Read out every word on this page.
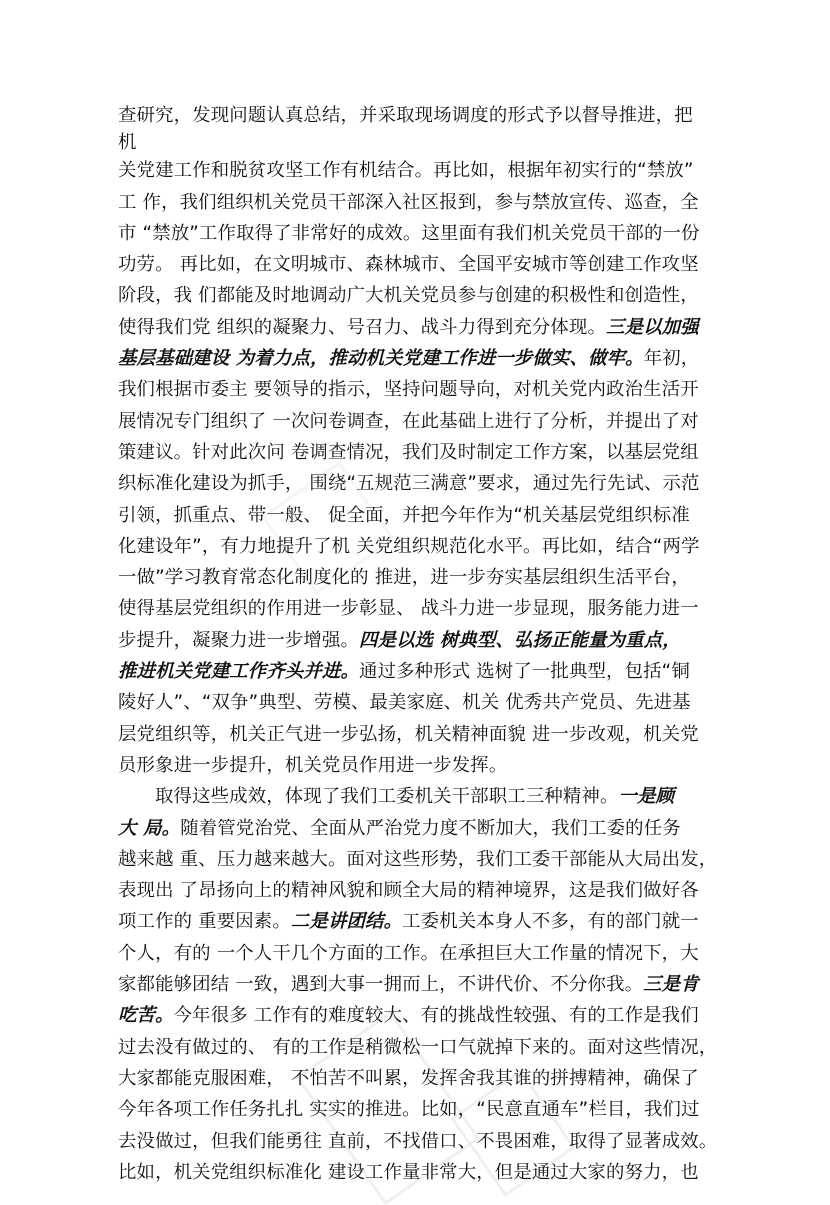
查研究，发现问题认真总结，并采取现场调度的形式予以督导推进，把
机
关党建工作和脱贫攻坚工作有机结合。再比如，根据年初实行的“禁放”
工 作，我们组织机关党员干部深入社区报到，参与禁放宣传、巡查，全
市 “禁放”工作取得了非常好的成效。这里面有我们机关党员干部的一份
功劳。 再比如，在文明城市、森林城市、全国平安城市等创建工作攻坚
阶段，我 们都能及时地调动广大机关党员参与创建的积极性和创造性，
使得我们党 组织的凝聚力、号召力、战斗力得到充分体现。三是以加强
基层基础建设 为着力点，推动机关党建工作进一步做实、做牢。年初，
我们根据市委主 要领导的指示，坚持问题导向，对机关党内政治生活开
展情况专门组织了 一次问卷调查，在此基础上进行了分析，并提出了对
策建议。针对此次问 卷调查情况，我们及时制定工作方案，以基层党组
织标准化建设为抓手， 围绕“五规范三满意”要求，通过先行先试、示范
引领，抓重点、带一般、 促全面，并把今年作为“机关基层党组织标准
化建设年”，有力地提升了机 关党组织规范化水平。再比如，结合“两学
一做”学习教育常态化制度化的 推进，进一步夯实基层组织生活平台，
使得基层党组织的作用进一步彰显、 战斗力进一步显现，服务能力进一
步提升，凝聚力进一步增强。四是以选 树典型、弘扬正能量为重点，
推进机关党建工作齐头并进。通过多种形式 选树了一批典型，包括“铜
陵好人”、“双争”典型、劳模、最美家庭、机关 优秀共产党员、先进基
层党组织等，机关正气进一步弘扬，机关精神面貌 进一步改观，机关党
员形象进一步提升，机关党员作用进一步发挥。
取得这些成效，体现了我们工委机关干部职工三种精神。一是顾
大 局。随着管党治党、全面从严治党力度不断加大，我们工委的任务
越来越 重、压力越来越大。面对这些形势，我们工委干部能从大局出发，
表现出 了昂扬向上的精神风貌和顾全大局的精神境界，这是我们做好各
项工作的 重要因素。二是讲团结。工委机关本身人不多，有的部门就一
个人，有的 一个人干几个方面的工作。在承担巨大工作量的情况下，大
家都能够团结 一致，遇到大事一拥而上，不讲代价、不分你我。三是肯
吃苦。今年很多 工作有的难度较大、有的挑战性较强、有的工作是我们
过去没有做过的、 有的工作是稍微松一口气就掉下来的。面对这些情况，
大家都能克服困难， 不怕苦不叫累，发挥舍我其谁的拼搏精神，确保了
今年各项工作任务扎扎 实实的推进。比如，“民意直通车”栏目，我们过
去没做过，但我们能勇往 直前，不找借口、不畏困难，取得了显著成效。
比如，机关党组织标准化 建设工作量非常大，但是通过大家的努力，也
